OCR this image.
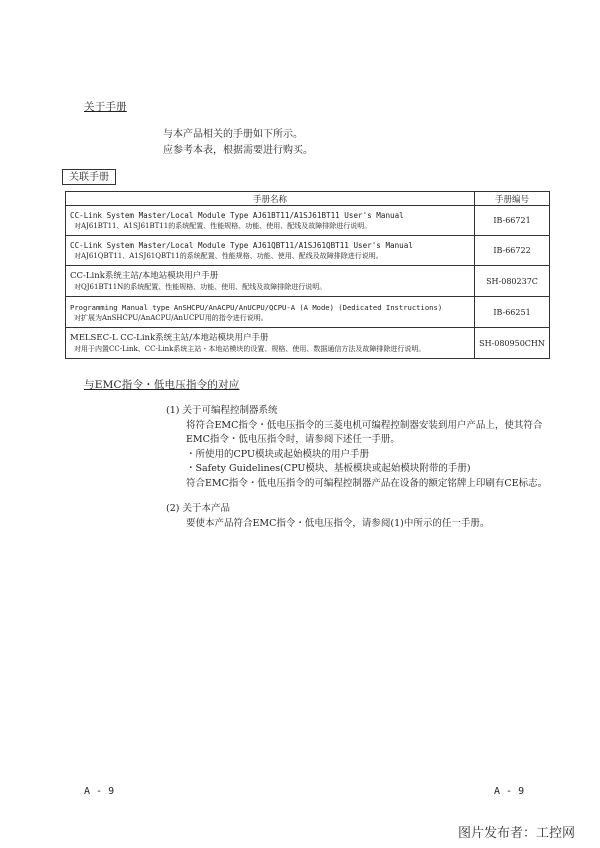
关于手册
与本产品相关的手册如下所示。
应参考本表，根据需要进行购买。
关联手册
手册名称	手册编号

CC-Link System Master/Local Module Type AJ61BT11/A1SJ61BT11 User's Manual
对AJ61BT11、A1SJ61BT11的系统配置、性能规格、功能、使用、配线及故障排除进行说明。	IB-66721

CC-Link System Master/Local Module Type AJ61QBT11/A1SJ61QBT11 User's Manual
对AJ61QBT11、A1SJ61QBT11的系统配置、性能规格、功能、使用、配线及故障排除进行说明。	IB-66722

CC-Link系统主站/本地站模块用户手册
对QJ61BT11N的系统配置、性能规格、功能、使用、配线及故障排除进行说明。	SH-080237C

Programming Manual type AnSHCPU/AnACPU/AnUCPU/QCPU-A (A Mode) (Dedicated Instructions)
对扩展为AnSHCPU/AnACPU/AnUCPU用的指令进行说明。	IB-66251

MELSEC-L CC-Link系统主站/本地站模块用户手册
对用于内置CC-Link、CC-Link系统主站・本地站模块的设置、规格、使用、数据通信方法及故障排除进行说明。	SH-080950CHN
与EMC指令・低电压指令的对应
(1) 关于可编程控制器系统
将符合EMC指令・低电压指令的三菱电机可编程控制器安装到用户产品上，使其符合
EMC指令・低电压指令时，请参阅下述任一手册。
・所使用的CPU模块或起始模块的用户手册
・Safety Guidelines(CPU模块、基板模块或起始模块附带的手册)
符合EMC指令・低电压指令的可编程控制器产品在设备的额定铭牌上印刷有CE标志。
(2) 关于本产品
要使本产品符合EMC指令・低电压指令，请参阅(1)中所示的任一手册。
A - 9	A - 9
图片发布者：工控网
